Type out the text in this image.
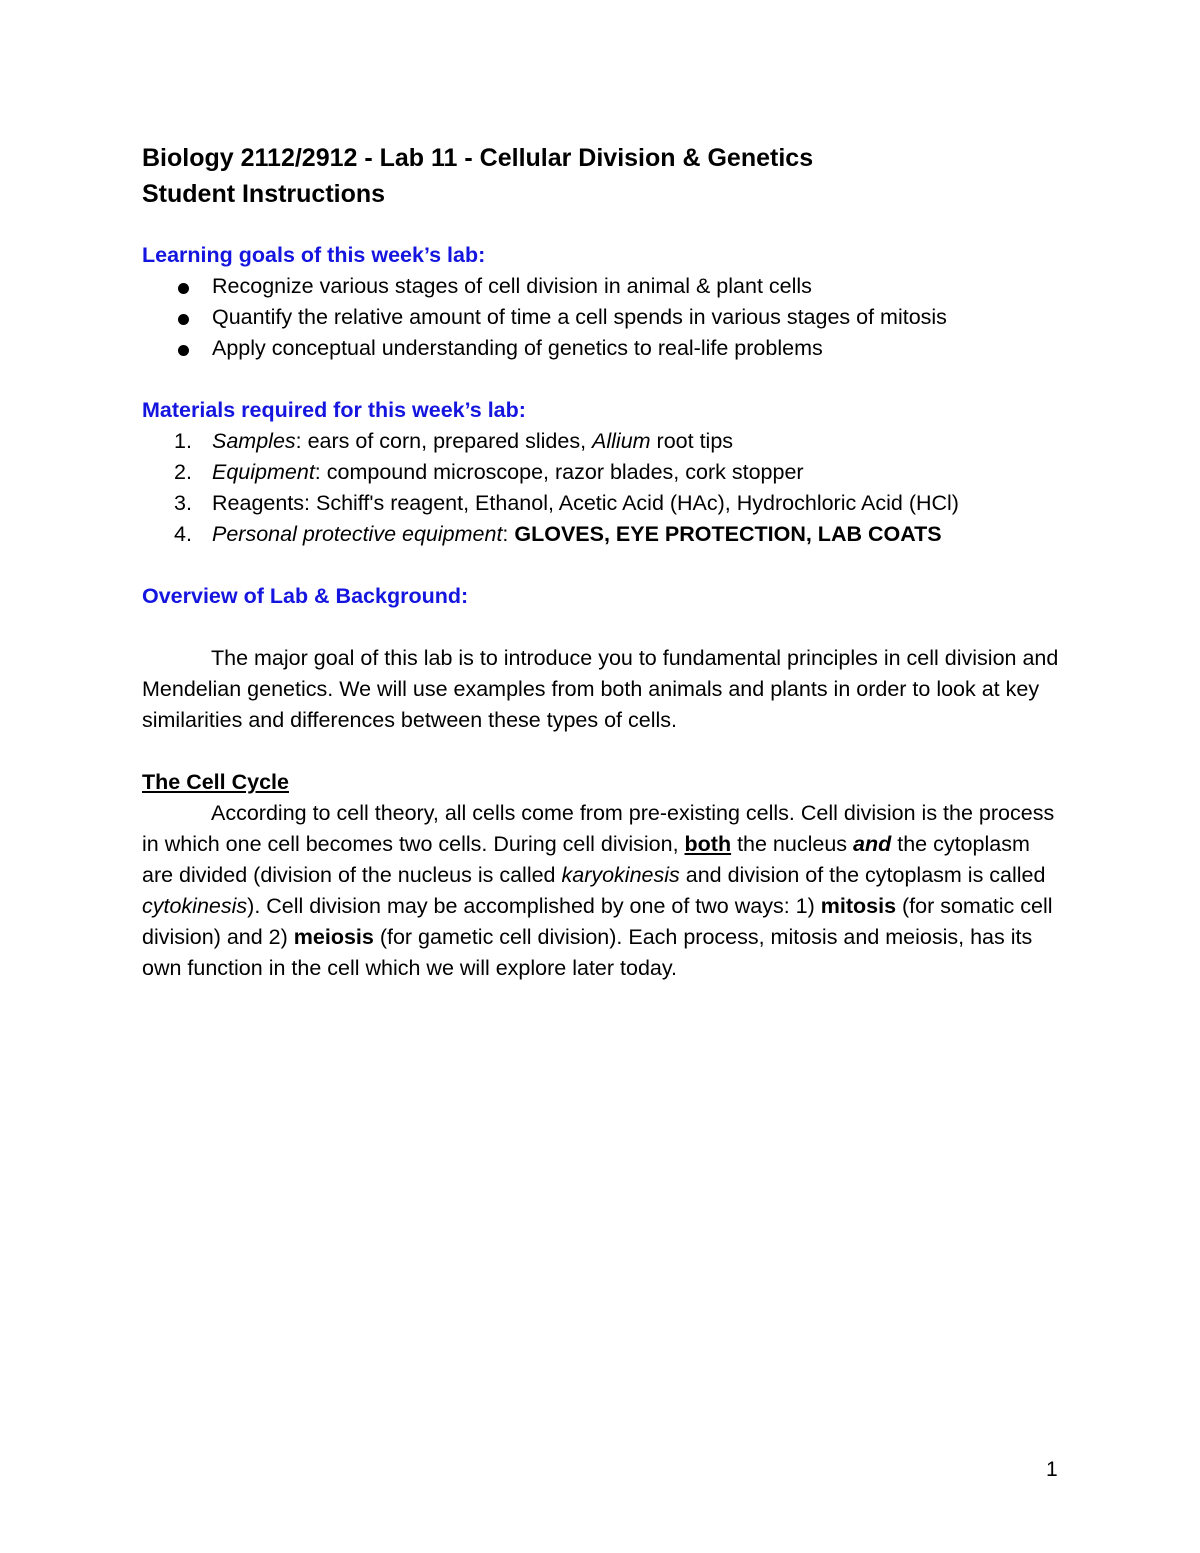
Biology 2112/2912 - Lab 11 - Cellular Division & Genetics

Student Instructions

Learning goals of this week’s lab:

Recognize various stages of cell division in animal & plant cells
Quantify the relative amount of time a cell spends in various stages of mitosis
Apply conceptual understanding of genetics to real-life problems

Materials required for this week’s lab:

1. Samples: ears of corn, prepared slides, Allium root tips
2. Equipment: compound microscope, razor blades, cork stopper
3. Reagents: Schiff's reagent, Ethanol, Acetic Acid (HAc), Hydrochloric Acid (HCl)
4. Personal protective equipment: GLOVES, EYE PROTECTION, LAB COATS

Overview of Lab & Background:

The major goal of this lab is to introduce you to fundamental principles in cell division and Mendelian genetics. We will use examples from both animals and plants in order to look at key similarities and differences between these types of cells.

The Cell Cycle

According to cell theory, all cells come from pre-existing cells. Cell division is the process in which one cell becomes two cells. During cell division, both the nucleus and the cytoplasm are divided (division of the nucleus is called karyokinesis and division of the cytoplasm is called cytokinesis). Cell division may be accomplished by one of two ways: 1) mitosis (for somatic cell division) and 2) meiosis (for gametic cell division). Each process, mitosis and meiosis, has its own function in the cell which we will explore later today.

1
